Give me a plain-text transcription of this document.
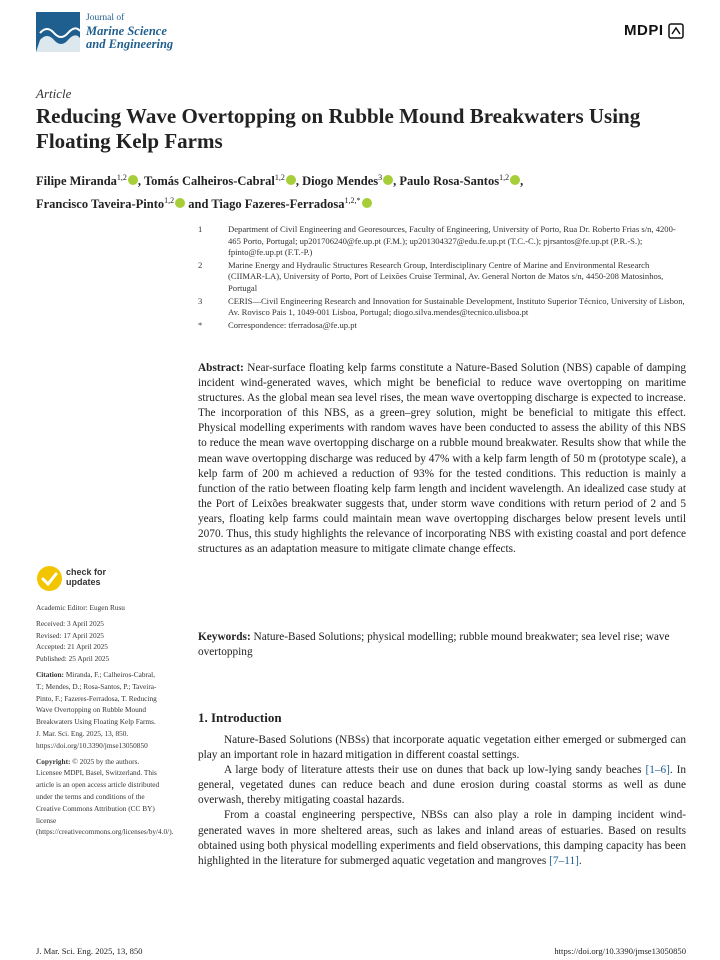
Journal of
Marine Science
and Engineering
MDPI
Article
Reducing Wave Overtopping on Rubble Mound Breakwaters Using Floating Kelp Farms
Filipe Miranda$^{1,2}$ , Tomás Calheiros-Cabral$^{1,2}$ , Diogo Mendes$^3$ , Paulo Rosa-Santos$^{1,2}$ ,
Francisco Taveira-Pinto$^{1,2}$ and Tiago Fazeres-Ferradosa$^{1,2,*}$
1	Department of Civil Engineering and Georesources, Faculty of Engineering, University of Porto, Rua Dr. Roberto Frias s/n, 4200-465 Porto, Portugal; up201706240@fe.up.pt (F.M.); up201304327@edu.fe.up.pt (T.C.-C.); pjrsantos@fe.up.pt (P.R.-S.); fpinto@fe.up.pt (F.T.-P.)
2	Marine Energy and Hydraulic Structures Research Group, Interdisciplinary Centre of Marine and Environmental Research (CIIMAR-LA), University of Porto, Port of Leixões Cruise Terminal, Av. General Norton de Matos s/n, 4450-208 Matosinhos, Portugal
3	CERIS—Civil Engineering Research and Innovation for Sustainable Development, Instituto Superior Técnico, University of Lisbon, Av. Rovisco Pais 1, 1049-001 Lisboa, Portugal; diogo.silva.mendes@tecnico.ulisboa.pt
*	Correspondence: tferradosa@fe.up.pt
Abstract: Near-surface floating kelp farms constitute a Nature-Based Solution (NBS) capable of damping incident wind-generated waves, which might be beneficial to reduce wave overtopping on maritime structures. As the global mean sea level rises, the mean wave overtopping discharge is expected to increase. The incorporation of this NBS, as a green–grey solution, might be beneficial to mitigate this effect. Physical modelling experiments with random waves have been conducted to assess the ability of this NBS to reduce the mean wave overtopping discharge on a rubble mound breakwater. Results show that while the mean wave overtopping discharge was reduced by 47% with a kelp farm length of 50 m (prototype scale), a kelp farm of 200 m achieved a reduction of 93% for the tested conditions. This reduction is mainly a function of the ratio between floating kelp farm length and incident wavelength. An idealized case study at the Port of Leixões breakwater suggests that, under storm wave conditions with return period of 2 and 5 years, floating kelp farms could maintain mean wave overtopping discharges below present levels until 2070. Thus, this study highlights the relevance of incorporating NBS with existing coastal and port defence structures as an adaptation measure to mitigate climate change effects.
Keywords: Nature-Based Solutions; physical modelling; rubble mound breakwater; sea level rise; wave overtopping
check for
updates

Academic Editor: Eugen Rusu

Received: 3 April 2025
Revised: 17 April 2025
Accepted: 21 April 2025

Published: 25 April 2025

Citation: Miranda, F.; Calheiros-Cabral, T.; Mendes, D.; Rosa-Santos, P.; Taveira-Pinto, F.; Fazeres-Ferradosa, T. Reducing Wave Overtopping on Rubble Mound Breakwaters Using Floating Kelp Farms. J. Mar. Sci. Eng. 2025, 13, 850. https://doi.org/10.3390/jmse13050850

Copyright: © 2025 by the authors. Licensee MDPI, Basel, Switzerland. This article is an open access article distributed under the terms and conditions of the Creative Commons Attribution (CC BY) license (https://creativecommons.org/licenses/by/4.0/).

1. Introduction

Nature-Based Solutions (NBSs) that incorporate aquatic vegetation either emerged or submerged can play an important role in hazard mitigation in different coastal settings.

A large body of literature attests their use on dunes that back up low-lying sandy beaches [1–6]. In general, vegetated dunes can reduce beach and dune erosion during coastal storms as well as dune overwash, thereby mitigating coastal hazards.

From a coastal engineering perspective, NBSs can also play a role in damping incident wind-generated waves in more sheltered areas, such as lakes and inland areas of estuaries. Based on results obtained using both physical modelling experiments and field observations, this damping capacity has been highlighted in the literature for submerged aquatic vegetation and mangroves [7–11].

J. Mar. Sci. Eng. 2025, 13, 850	https://doi.org/10.3390/jmse13050850
